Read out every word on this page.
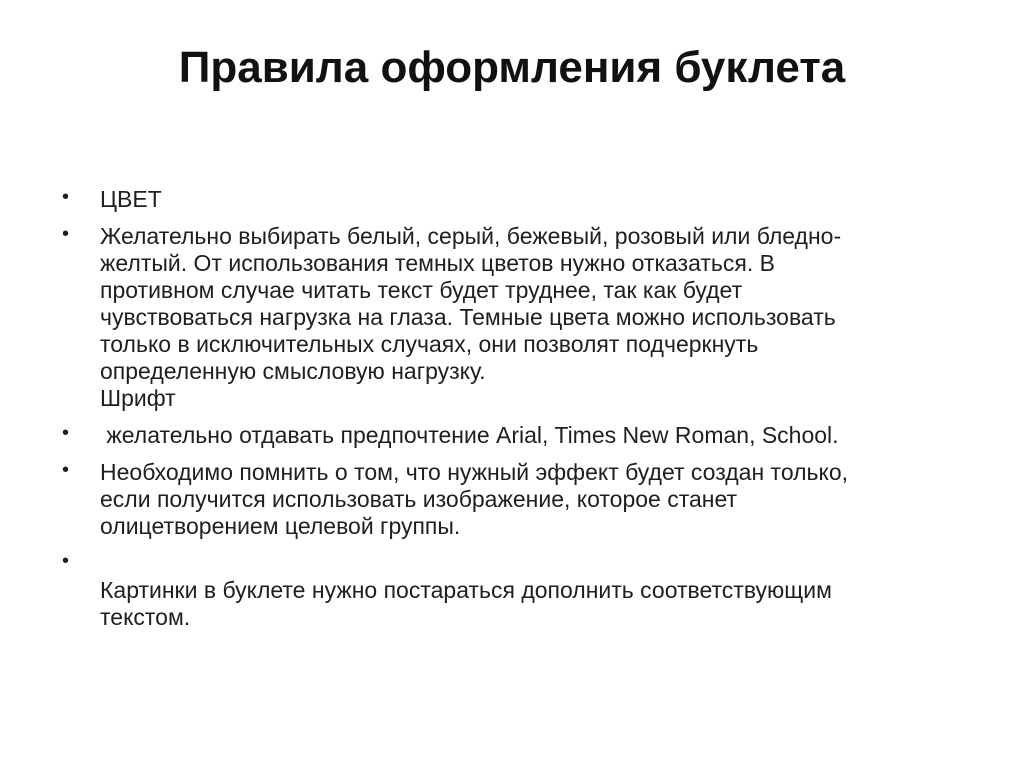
Правила оформления буклета
• ЦВЕТ
• Желательно выбирать белый, серый, бежевый, розовый или бледно-
желтый. От использования темных цветов нужно отказаться. В
противном случае читать текст будет труднее, так как будет
чувствоваться нагрузка на глаза. Темные цвета можно использовать
только в исключительных случаях, они позволят подчеркнуть
определенную смысловую нагрузку.
Шрифт
• желательно отдавать предпочтение Arial, Times New Roman, School.
• Необходимо помнить о том, что нужный эффект будет создан только,
если получится использовать изображение, которое станет
олицетворением целевой группы.
•
Картинки в буклете нужно постараться дополнить соответствующим
текстом.
